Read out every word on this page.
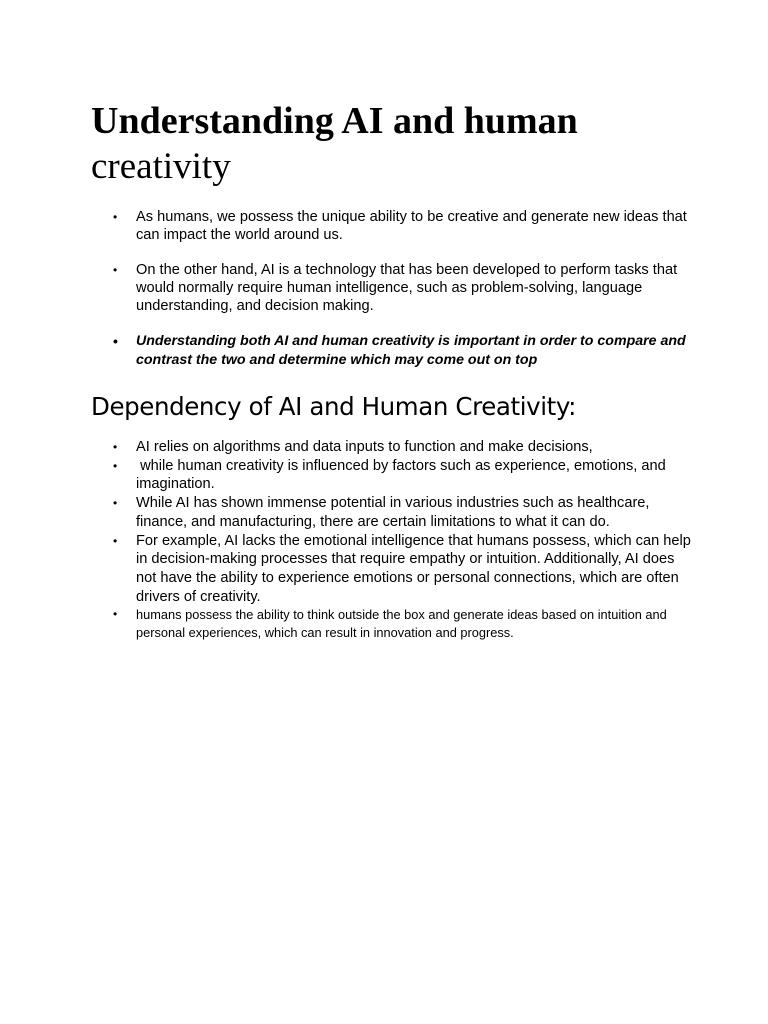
Understanding AI and human
creativity
• As humans, we possess the unique ability to be creative and generate new ideas that can impact the world around us.
• On the other hand, AI is a technology that has been developed to perform tasks that would normally require human intelligence, such as problem-solving, language understanding, and decision making.
• Understanding both AI and human creativity is important in order to compare and contrast the two and determine which may come out on top
Dependency of AI and Human Creativity:
• AI relies on algorithms and data inputs to function and make decisions,
• while human creativity is influenced by factors such as experience, emotions, and imagination.
• While AI has shown immense potential in various industries such as healthcare, finance, and manufacturing, there are certain limitations to what it can do.
• For example, AI lacks the emotional intelligence that humans possess, which can help in decision-making processes that require empathy or intuition. Additionally, AI does not have the ability to experience emotions or personal connections, which are often drivers of creativity.
• humans possess the ability to think outside the box and generate ideas based on intuition and personal experiences, which can result in innovation and progress.
